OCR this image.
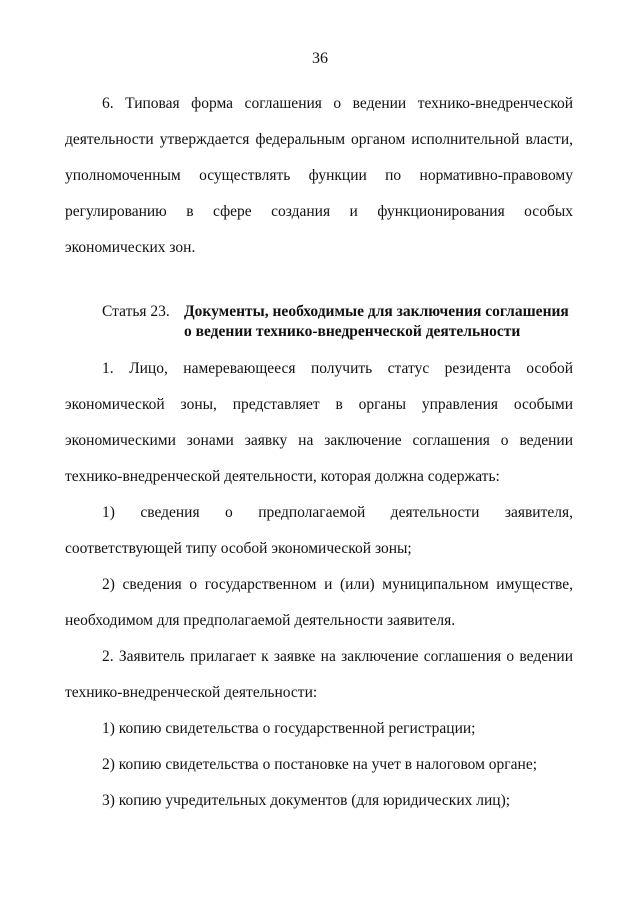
36

6. Типовая форма соглашения о ведении технико-внедренческой деятельности утверждается федеральным органом исполнительной власти, уполномоченным осуществлять функции по нормативно-правовому регулированию в сфере создания и функционирования особых экономических зон.

Статья 23. Документы, необходимые для заключения соглашения о ведении технико-внедренческой деятельности

1. Лицо, намеревающееся получить статус резидента особой экономической зоны, представляет в органы управления особыми экономическими зонами заявку на заключение соглашения о ведении технико-внедренческой деятельности, которая должна содержать:

1) сведения о предполагаемой деятельности заявителя, соответствующей типу особой экономической зоны;

2) сведения о государственном и (или) муниципальном имуществе, необходимом для предполагаемой деятельности заявителя.

2. Заявитель прилагает к заявке на заключение соглашения о ведении технико-внедренческой деятельности:

1) копию свидетельства о государственной регистрации;

2) копию свидетельства о постановке на учет в налоговом органе;

3) копию учредительных документов (для юридических лиц);
